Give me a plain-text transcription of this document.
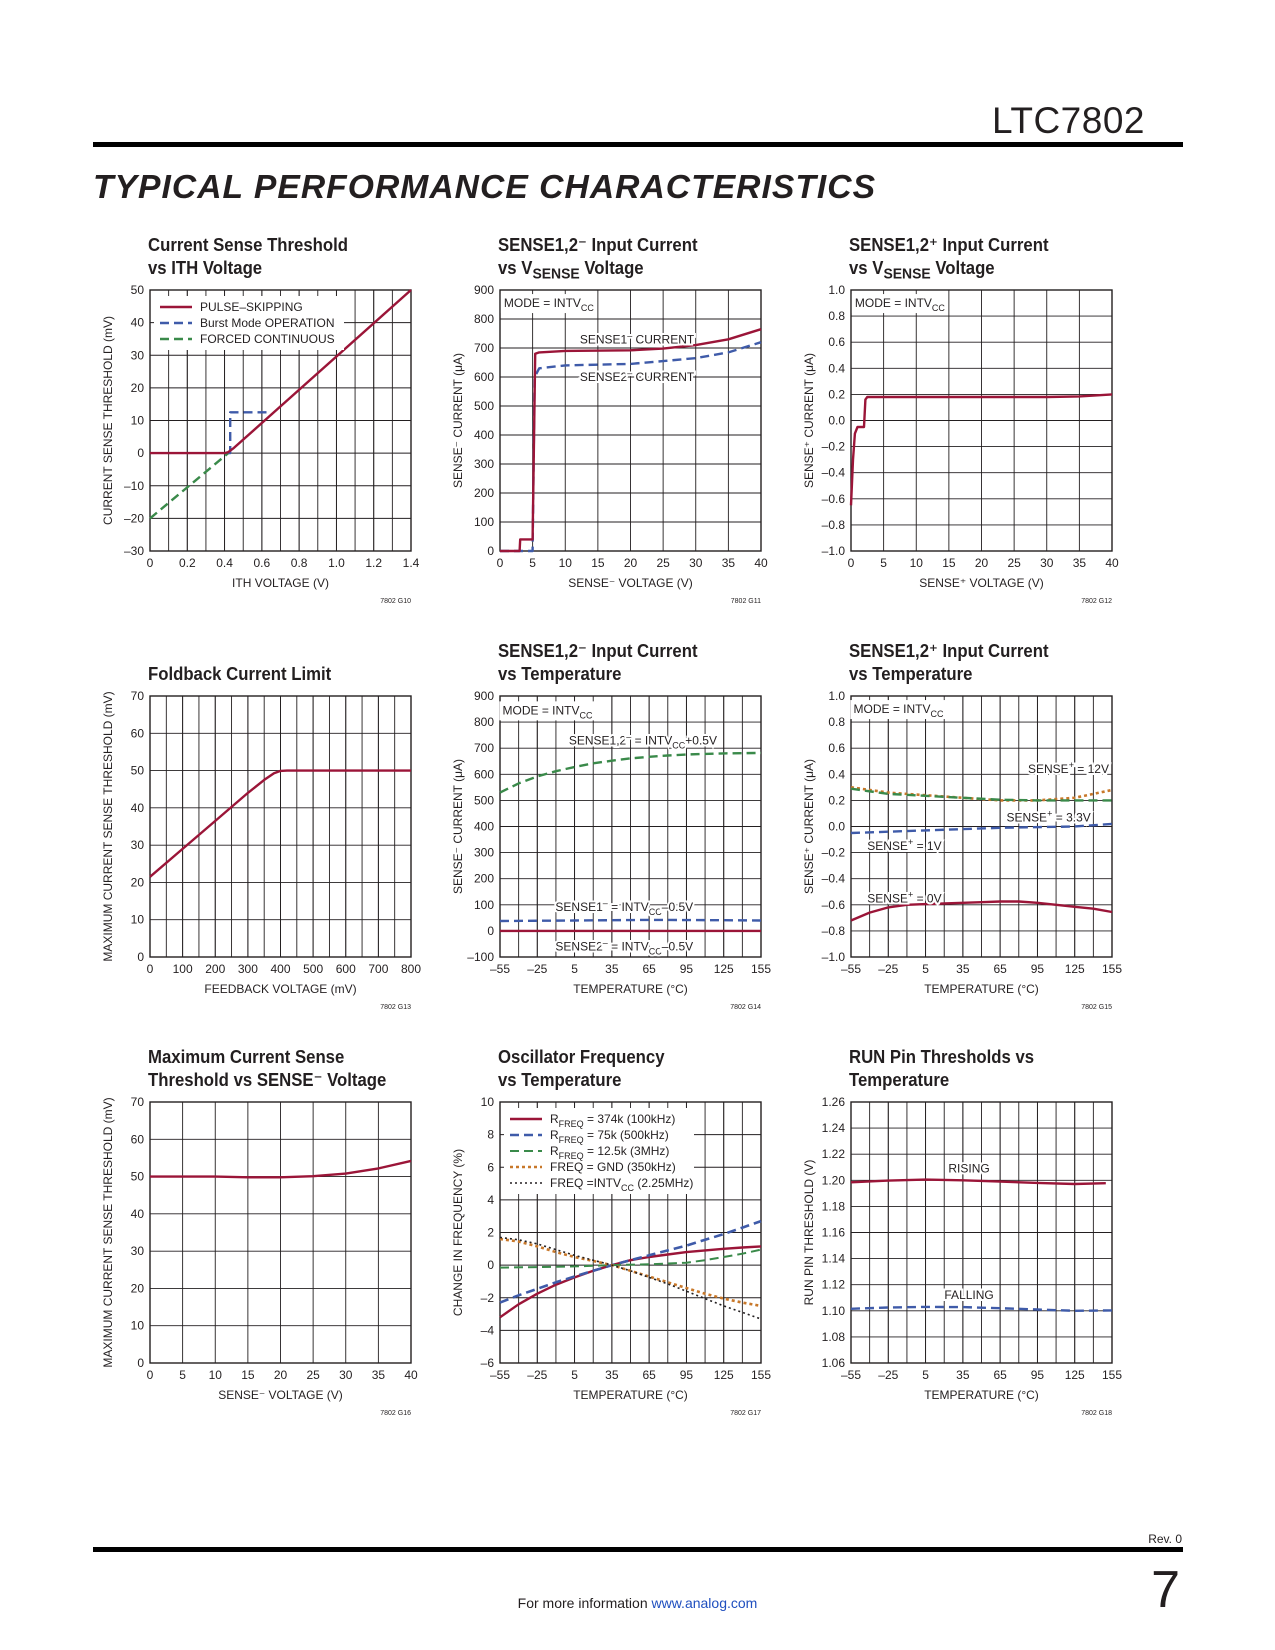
LTC7802
TYPICAL PERFORMANCE CHARACTERISTICS
Current Sense Threshold
vs ITH Voltage
0 0.2 0.4 0.6 0.8 1.0 1.2 1.4
–30
–20
–10
0
10
20
30
40
50
ITH VOLTAGE (V)
CURRENT SENSE THRESHOLD (mV)
7802 G10
PULSE–SKIPPING
Burst Mode OPERATION
FORCED CONTINUOUS
SENSE1,2⁻ Input Current
vs $V_{SENSE}$ Voltage
0 5 10 15 20 25 30 35 40
0
100
200
300
400
500
600
700
800
900
SENSE⁻ VOLTAGE (V)
SENSE⁻ CURRENT (μA)
7802 G11
MODE = $INTV_{CC}$
SENSE1– CURRENT
SENSE2– CURRENT
SENSE1,2⁺ Input Current
vs $V_{SENSE}$ Voltage
0 5 10 15 20 25 30 35 40
–1.0
–0.8
–0.6
–0.4
–0.2
0.0
0.2
0.4
0.6
0.8
1.0
SENSE⁺ VOLTAGE (V)
SENSE⁺ CURRENT (μA)
7802 G12
MODE = $INTV_{CC}$
Foldback Current Limit
0 100 200 300 400 500 600 700 800
0
10
20
30
40
50
60
70
FEEDBACK VOLTAGE (mV)
MAXIMUM CURRENT SENSE THRESHOLD (mV)
7802 G13
SENSE1,2⁻ Input Current
vs Temperature
–55 –25 5 35 65 95 125 155
–100
0
100
200
300
400
500
600
700
800
900
TEMPERATURE (°C)
SENSE⁻ CURRENT (μA)
7802 G14
MODE = $INTV_{CC}$
SENSE1,2– = $INTV_{CC}+0.5V$
SENSE1– = $INTV_{CC}-0.5V$
SENSE2– = $INTV_{CC}-0.5V$
SENSE1,2⁺ Input Current
vs Temperature
–55 –25 5 35 65 95 125 155
–1.0
–0.8
–0.6
–0.4
–0.2
0.0
0.2
0.4
0.6
0.8
1.0
TEMPERATURE (°C)
SENSE⁺ CURRENT (μA)
7802 G15
MODE = $INTV_{CC}$
SENSE+ = 12V
SENSE+ = 3.3V
SENSE+ = 1V
SENSE+ = 0V
Maximum Current Sense
Threshold vs SENSE⁻ Voltage
0 5 10 15 20 25 30 35 40
0
10
20
30
40
50
60
70
SENSE⁻ VOLTAGE (V)
MAXIMUM CURRENT SENSE THRESHOLD (mV)
7802 G16
Oscillator Frequency
vs Temperature
–55 –25 5 35 65 95 125 155
–6
–4
–2
0
2
4
6
8
10
TEMPERATURE (°C)
CHANGE IN FREQUENCY (%)
7802 G17
$R_{FREQ} = 374k$ (100kHz)
$R_{FREQ} = 75k$ (500kHz)
$R_{FREQ} = 12.5k$ (3MHz)
FREQ = GND (350kHz)
FREQ $=INTV_{CC}$ (2.25MHz)
RUN Pin Thresholds vs
Temperature
–55 –25 5 35 65 95 125 155
1.06
1.08
1.10
1.12
1.14
1.16
1.18
1.20
1.22
1.24
1.26
TEMPERATURE (°C)
RUN PIN THRESHOLD (V)
7802 G18
RISING
FALLING
Rev. 0
7
For more information www.analog.com
